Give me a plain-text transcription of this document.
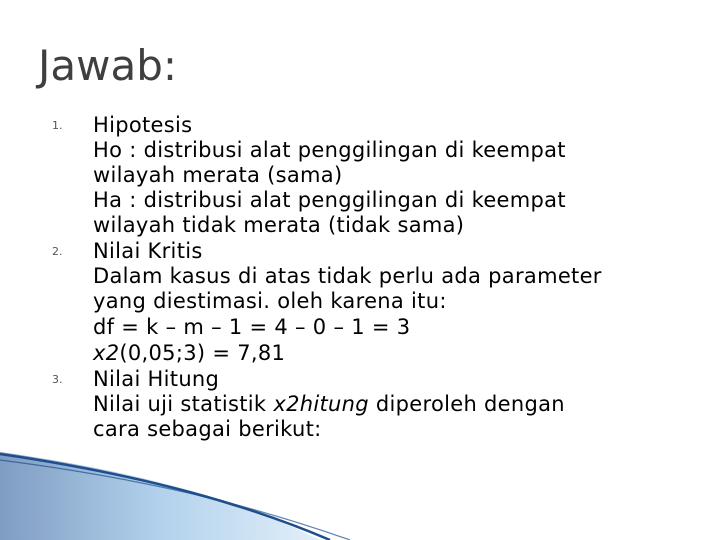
Jawab:
1.	Hipotesis
Ho : distribusi alat penggilingan di keempat
wilayah merata (sama)
Ha : distribusi alat penggilingan di keempat
wilayah tidak merata (tidak sama)
2.	Nilai Kritis
Dalam kasus di atas tidak perlu ada parameter
yang diestimasi. oleh karena itu:
df = k – m – 1 = 4 – 0 – 1 = 3
x2(0,05;3) = 7,81
3.	Nilai Hitung
Nilai uji statistik x2hitung diperoleh dengan
cara sebagai berikut:
